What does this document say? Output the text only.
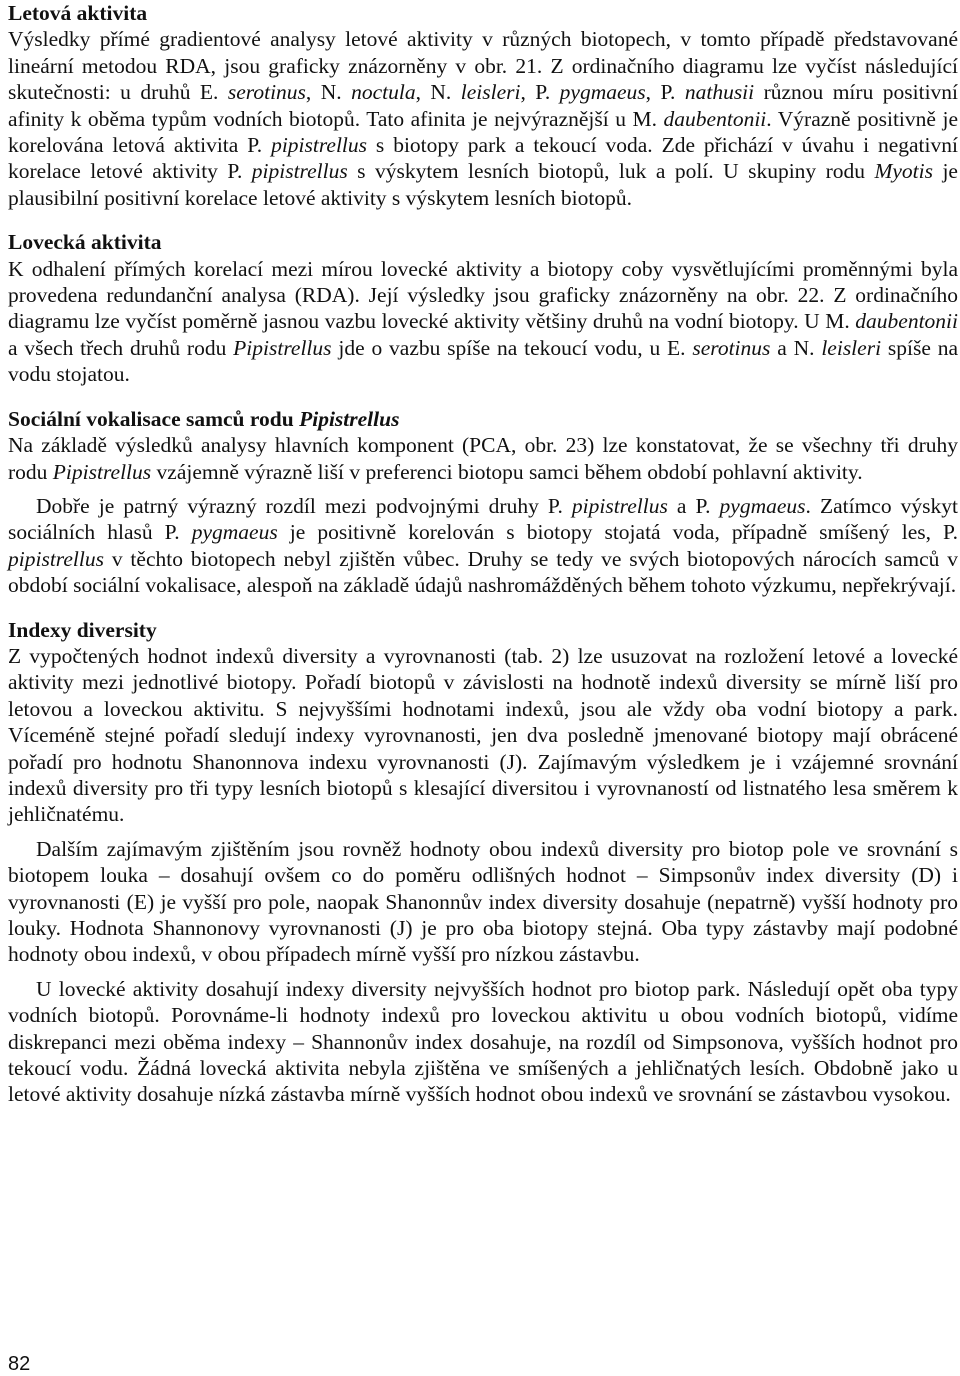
Letová aktivita

Výsledky přímé gradientové analysy letové aktivity v různých biotopech, v tomto případě představované lineární metodou RDA, jsou graficky znázorněny v obr. 21. Z ordinačního diagramu lze vyčíst následující skutečnosti: u druhů E. serotinus, N. noctula, N. leisleri, P. pygmaeus, P. nathusii různou míru positivní afinity k oběma typům vodních biotopů. Tato afinita je nejvýraznější u M. daubentonii. Výrazně positivně je korelována letová aktivita P. pipistrellus s biotopy park a tekoucí voda. Zde přichází v úvahu i negativní korelace letové aktivity P. pipistrellus s výskytem lesních biotopů, luk a polí. U skupiny rodu Myotis je plausibilní positivní korelace letové aktivity s výskytem lesních biotopů.

Lovecká aktivita

K odhalení přímých korelací mezi mírou lovecké aktivity a biotopy coby vysvětlujícími proměnnými byla provedena redundanční analysa (RDA). Její výsledky jsou graficky znázorněny na obr. 22. Z ordinačního diagramu lze vyčíst poměrně jasnou vazbu lovecké aktivity většiny druhů na vodní biotopy. U M. daubentonii a všech třech druhů rodu Pipistrellus jde o vazbu spíše na tekoucí vodu, u E. serotinus a N. leisleri spíše na vodu stojatou.

Sociální vokalisace samců rodu Pipistrellus

Na základě výsledků analysy hlavních komponent (PCA, obr. 23) lze konstatovat, že se všechny tři druhy rodu Pipistrellus vzájemně výrazně liší v preferenci biotopu samci během období pohlavní aktivity.

Dobře je patrný výrazný rozdíl mezi podvojnými druhy P. pipistrellus a P. pygmaeus. Zatímco výskyt sociálních hlasů P. pygmaeus je positivně korelován s biotopy stojatá voda, případně smíšený les, P. pipistrellus v těchto biotopech nebyl zjištěn vůbec. Druhy se tedy ve svých biotopových nárocích samců v období sociální vokalisace, alespoň na základě údajů nashromážděných během tohoto výzkumu, nepřekrývají.

Indexy diversity

Z vypočtených hodnot indexů diversity a vyrovnanosti (tab. 2) lze usuzovat na rozložení letové a lovecké aktivity mezi jednotlivé biotopy. Pořadí biotopů v závislosti na hodnotě indexů diversity se mírně liší pro letovou a loveckou aktivitu. S nejvyššími hodnotami indexů, jsou ale vždy oba vodní biotopy a park. Víceméně stejné pořadí sledují indexy vyrovnanosti, jen dva posledně jmenované biotopy mají obrácené pořadí pro hodnotu Shanonnova indexu vyrovnanosti (J). Zajímavým výsledkem je i vzájemné srovnání indexů diversity pro tři typy lesních biotopů s klesající diversitou i vyrovnaností od listnatého lesa směrem k jehličnatému.

Dalším zajímavým zjištěním jsou rovněž hodnoty obou indexů diversity pro biotop pole ve srovnání s biotopem louka – dosahují ovšem co do poměru odlišných hodnot – Simpsonův index diversity (D) i vyrovnanosti (E) je vyšší pro pole, naopak Shanonnův index diversity dosahuje (nepatrně) vyšší hodnoty pro louky. Hodnota Shannonovy vyrovnanosti (J) je pro oba biotopy stejná. Oba typy zástavby mají podobné hodnoty obou indexů, v obou případech mírně vyšší pro nízkou zástavbu.

U lovecké aktivity dosahují indexy diversity nejvyšších hodnot pro biotop park. Následují opět oba typy vodních biotopů. Porovnáme-li hodnoty indexů pro loveckou aktivitu u obou vodních biotopů, vidíme diskrepanci mezi oběma indexy – Shannonův index dosahuje, na rozdíl od Simpsonova, vyšších hodnot pro tekoucí vodu. Žádná lovecká aktivita nebyla zjištěna ve smíšených a jehličnatých lesích. Obdobně jako u letové aktivity dosahuje nízká zástavba mírně vyšších hodnot obou indexů ve srovnání se zástavbou vysokou.

82
